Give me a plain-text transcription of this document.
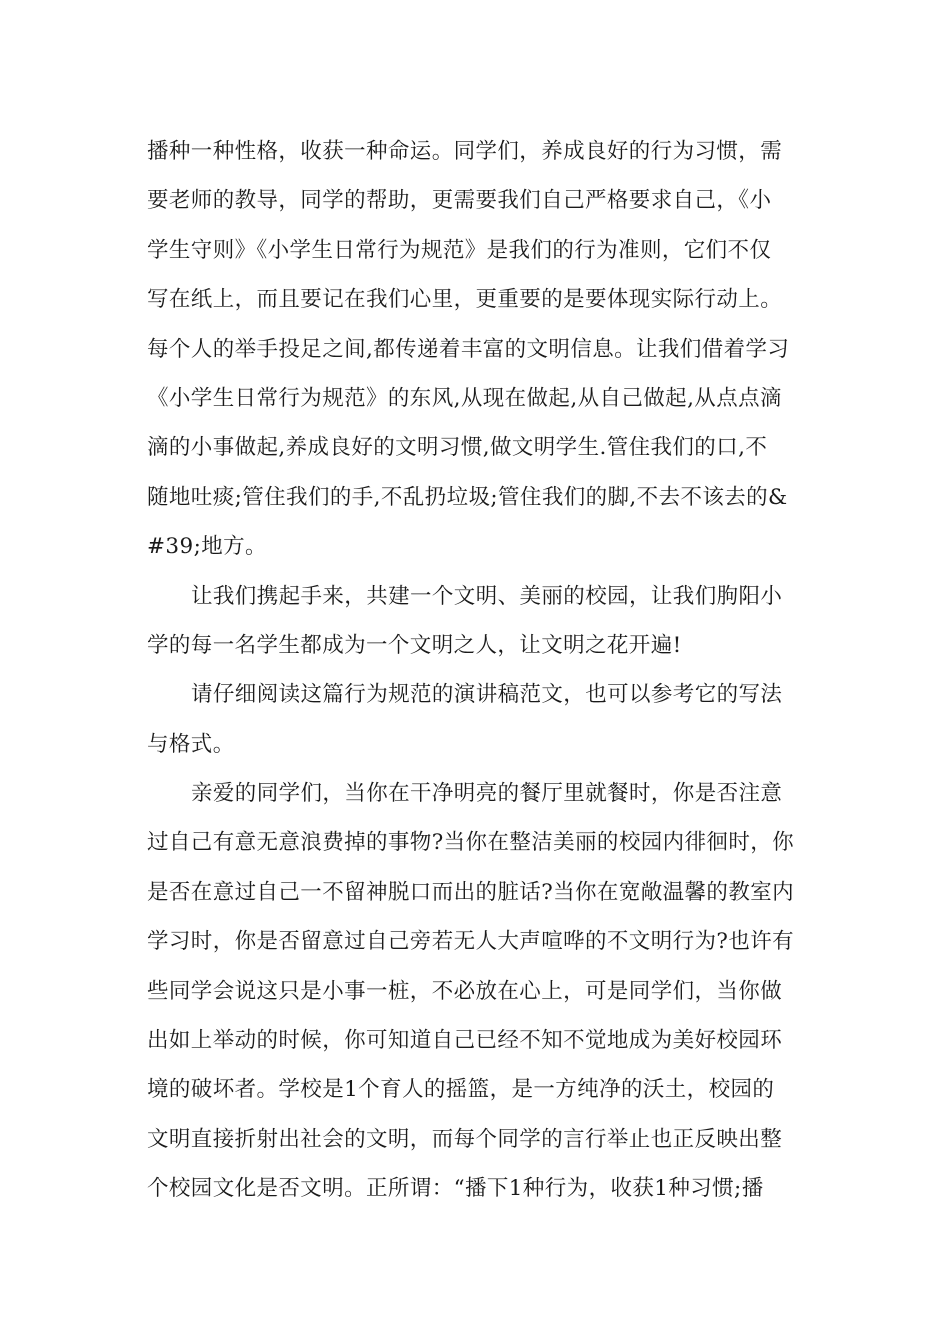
播种一种性格，收获一种命运。同学们，养成良好的行为习惯，需
要老师的教导，同学的帮助，更需要我们自己严格要求自己，《小
学生守则》《小学生日常行为规范》是我们的行为准则，它们不仅
写在纸上，而且要记在我们心里，更重要的是要体现实际行动上。
每个人的举手投足之间,都传递着丰富的文明信息。让我们借着学习
《小学生日常行为规范》的东风,从现在做起,从自己做起,从点点滴
滴的小事做起,养成良好的文明习惯,做文明学生.管住我们的口,不
随地吐痰;管住我们的手,不乱扔垃圾;管住我们的脚,不去不该去的&
#39;地方。
让我们携起手来，共建一个文明、美丽的校园，让我们朐阳小
学的每一名学生都成为一个文明之人，让文明之花开遍!
请仔细阅读这篇行为规范的演讲稿范文，也可以参考它的写法
与格式。
亲爱的同学们，当你在干净明亮的餐厅里就餐时，你是否注意
过自己有意无意浪费掉的事物?当你在整洁美丽的校园内徘徊时，你
是否在意过自己一不留神脱口而出的脏话?当你在宽敞温馨的教室内
学习时，你是否留意过自己旁若无人大声喧哗的不文明行为?也许有
些同学会说这只是小事一桩，不必放在心上，可是同学们，当你做
出如上举动的时候，你可知道自己已经不知不觉地成为美好校园环
境的破坏者。学校是1个育人的摇篮，是一方纯净的沃土，校园的
文明直接折射出社会的文明，而每个同学的言行举止也正反映出整
个校园文化是否文明。正所谓：“播下1种行为，收获1种习惯;播
